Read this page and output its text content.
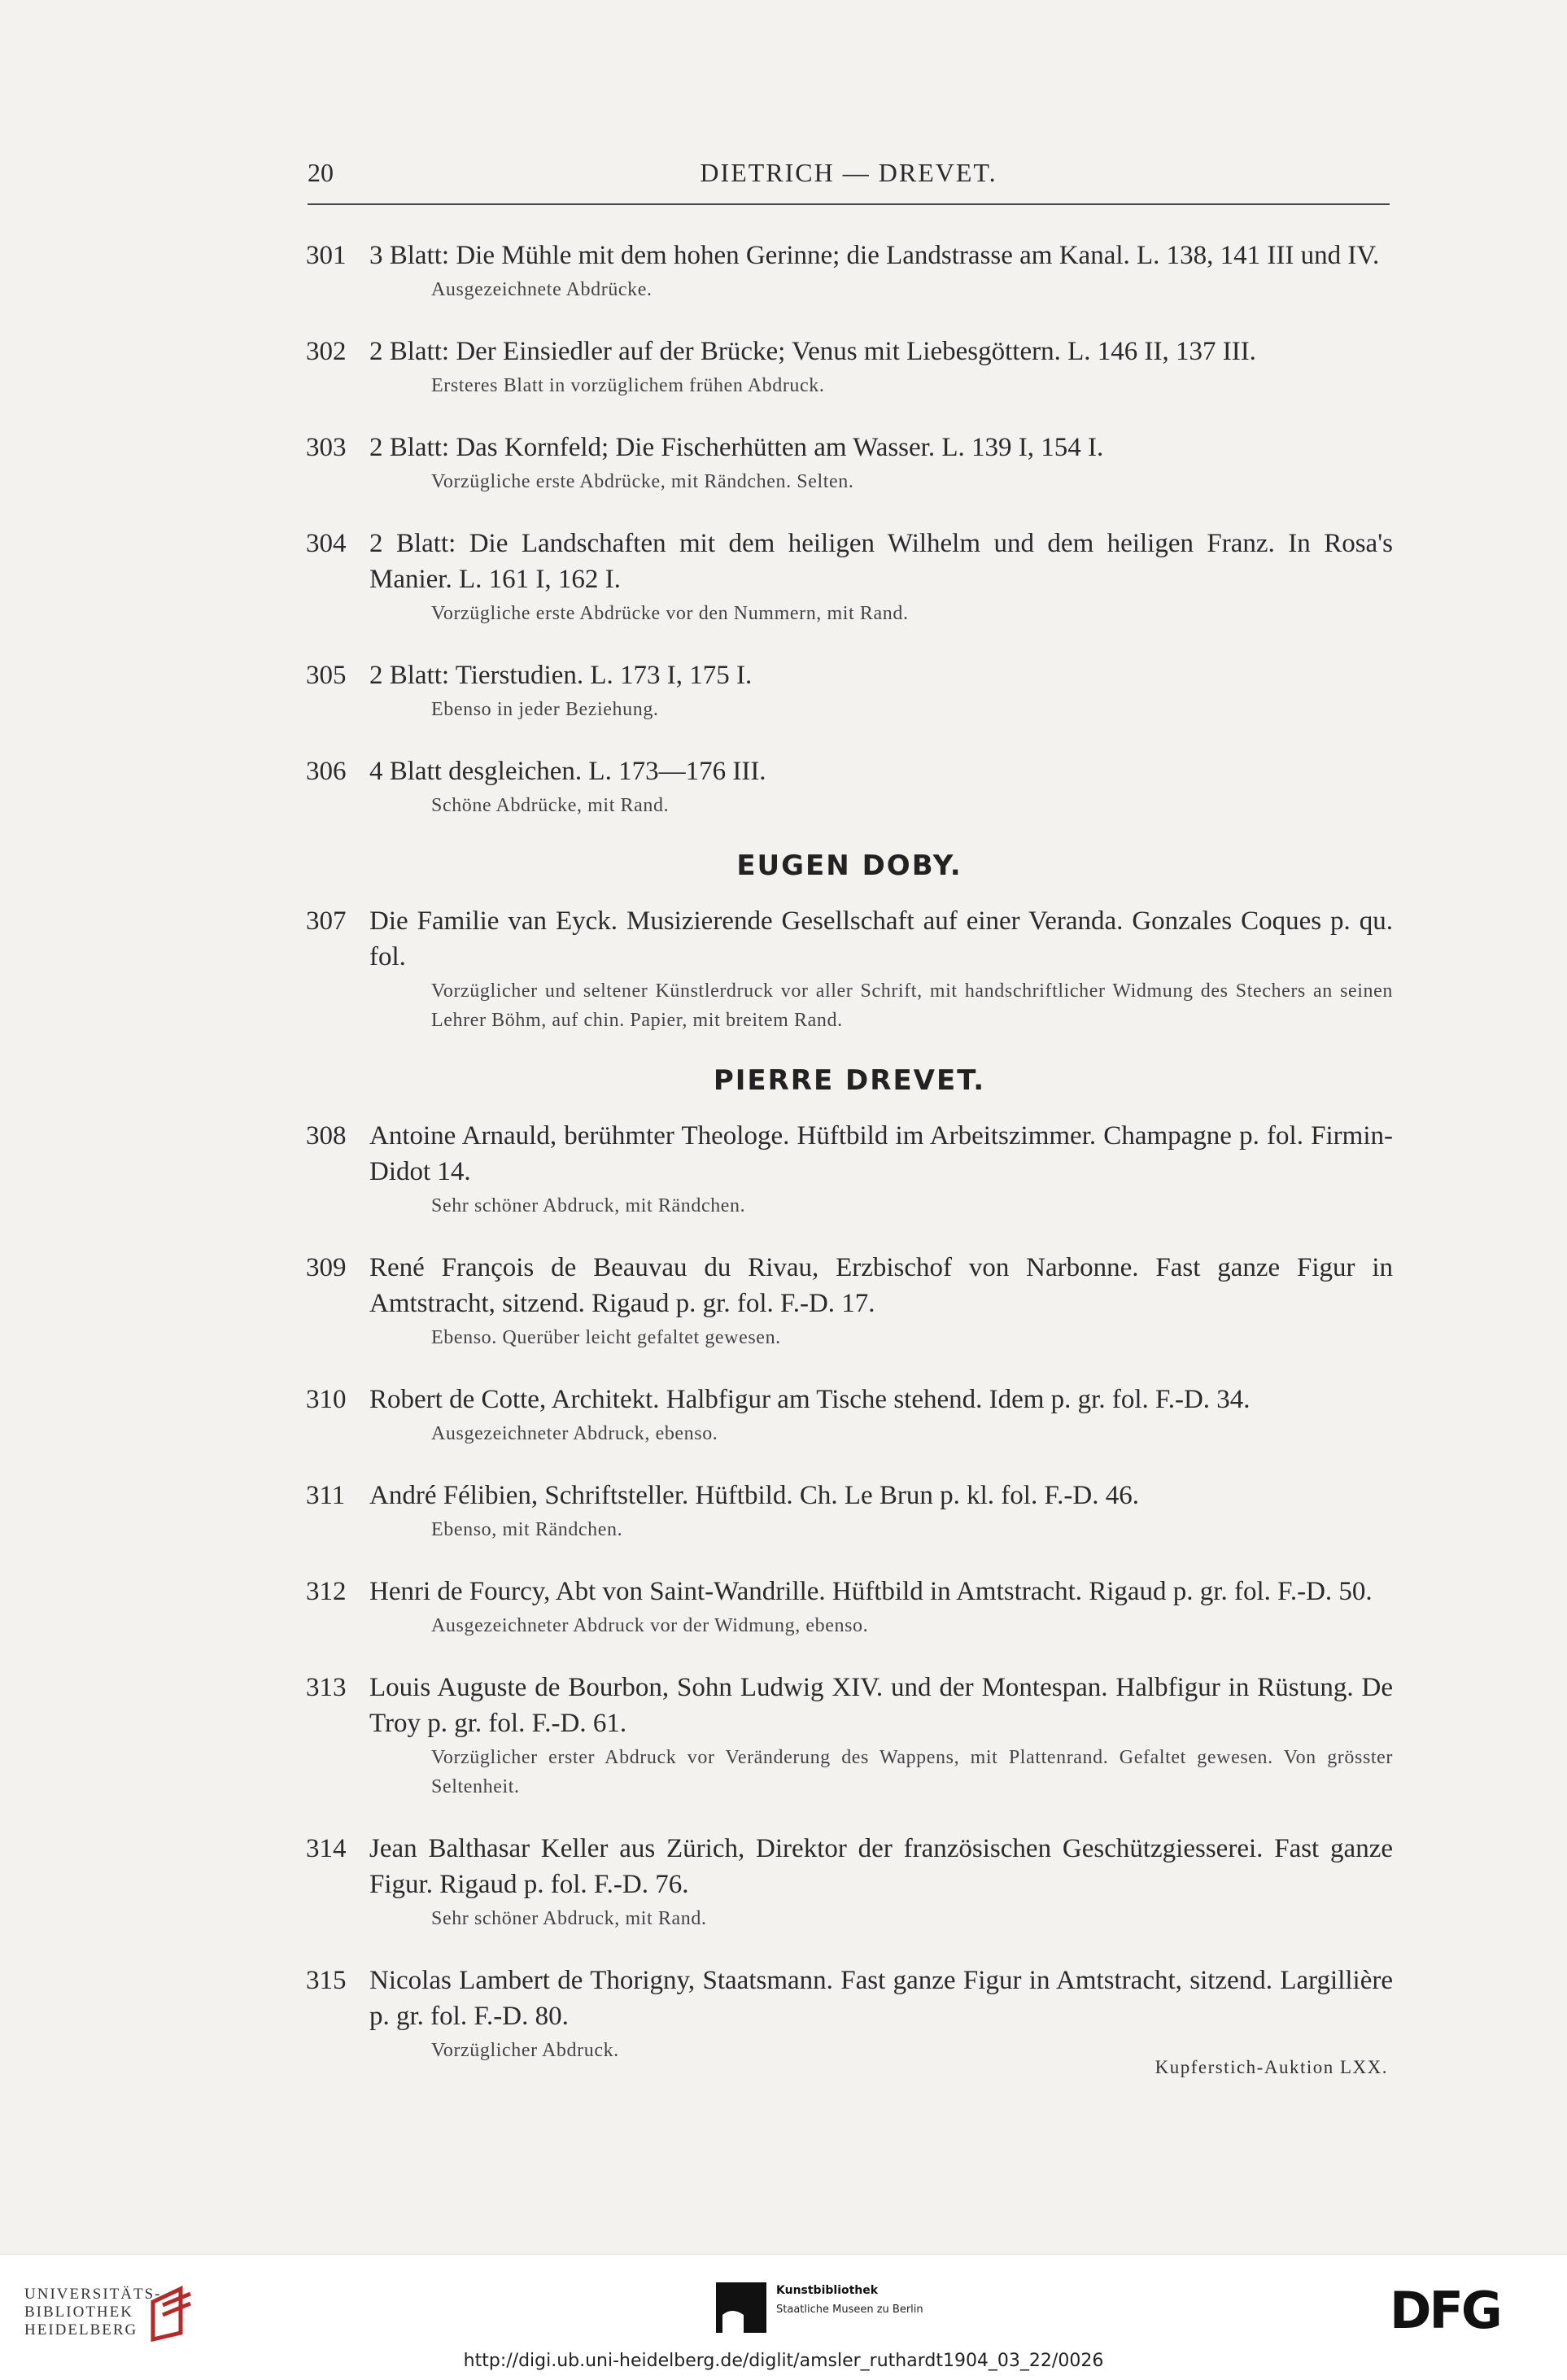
20	DIETRICH — DREVET.
301 3 Blatt: Die Mühle mit dem hohen Gerinne; die Landstrasse am Kanal. L. 138, 141 III und IV.
Ausgezeichnete Abdrücke.
302 2 Blatt: Der Einsiedler auf der Brücke; Venus mit Liebesgöttern. L. 146 II, 137 III.
Ersteres Blatt in vorzüglichem frühen Abdruck.
303 2 Blatt: Das Kornfeld; Die Fischerhütten am Wasser. L. 139 I, 154 I.
Vorzügliche erste Abdrücke, mit Rändchen. Selten.
304 2 Blatt: Die Landschaften mit dem heiligen Wilhelm und dem heiligen Franz. In Rosa's Manier. L. 161 I, 162 I.
Vorzügliche erste Abdrücke vor den Nummern, mit Rand.
305 2 Blatt: Tierstudien. L. 173 I, 175 I.
Ebenso in jeder Beziehung.
306 4 Blatt desgleichen. L. 173—176 III.
Schöne Abdrücke, mit Rand.
EUGEN DOBY.
307 Die Familie van Eyck. Musizierende Gesellschaft auf einer Veranda. Gonzales Coques p. qu. fol.
Vorzüglicher und seltener Künstlerdruck vor aller Schrift, mit handschriftlicher Widmung des Stechers an seinen Lehrer Böhm, auf chin. Papier, mit breitem Rand.
PIERRE DREVET.
308 Antoine Arnauld, berühmter Theologe. Hüftbild im Arbeitszimmer. Champagne p. fol. Firmin-Didot 14.
Sehr schöner Abdruck, mit Rändchen.
309 René François de Beauvau du Rivau, Erzbischof von Narbonne. Fast ganze Figur in Amtstracht, sitzend. Rigaud p. gr. fol. F.-D. 17.
Ebenso. Querüber leicht gefaltet gewesen.
310 Robert de Cotte, Architekt. Halbfigur am Tische stehend. Idem p. gr. fol. F.-D. 34.
Ausgezeichneter Abdruck, ebenso.
311 André Félibien, Schriftsteller. Hüftbild. Ch. Le Brun p. kl. fol. F.-D. 46.
Ebenso, mit Rändchen.
312 Henri de Fourcy, Abt von Saint-Wandrille. Hüftbild in Amtstracht. Rigaud p. gr. fol. F.-D. 50.
Ausgezeichneter Abdruck vor der Widmung, ebenso.
313 Louis Auguste de Bourbon, Sohn Ludwig XIV. und der Montespan. Halbfigur in Rüstung. De Troy p. gr. fol. F.-D. 61.
Vorzüglicher erster Abdruck vor Veränderung des Wappens, mit Plattenrand. Gefaltet gewesen. Von grösster Seltenheit.
314 Jean Balthasar Keller aus Zürich, Direktor der französischen Geschützgiesserei. Fast ganze Figur. Rigaud p. fol. F.-D. 76.
Sehr schöner Abdruck, mit Rand.
315 Nicolas Lambert de Thorigny, Staatsmann. Fast ganze Figur in Amtstracht, sitzend. Largillière p. gr. fol. F.-D. 80.
Vorzüglicher Abdruck.
Kupferstich-Auktion LXX.
UNIVERSITÄTS-
BIBLIOTHEK
HEIDELBERG
Kunstbibliothek
Staatliche Museen zu Berlin	DFG
http://digi.ub.uni-heidelberg.de/diglit/amsler_ruthardt1904_03_22/0026
